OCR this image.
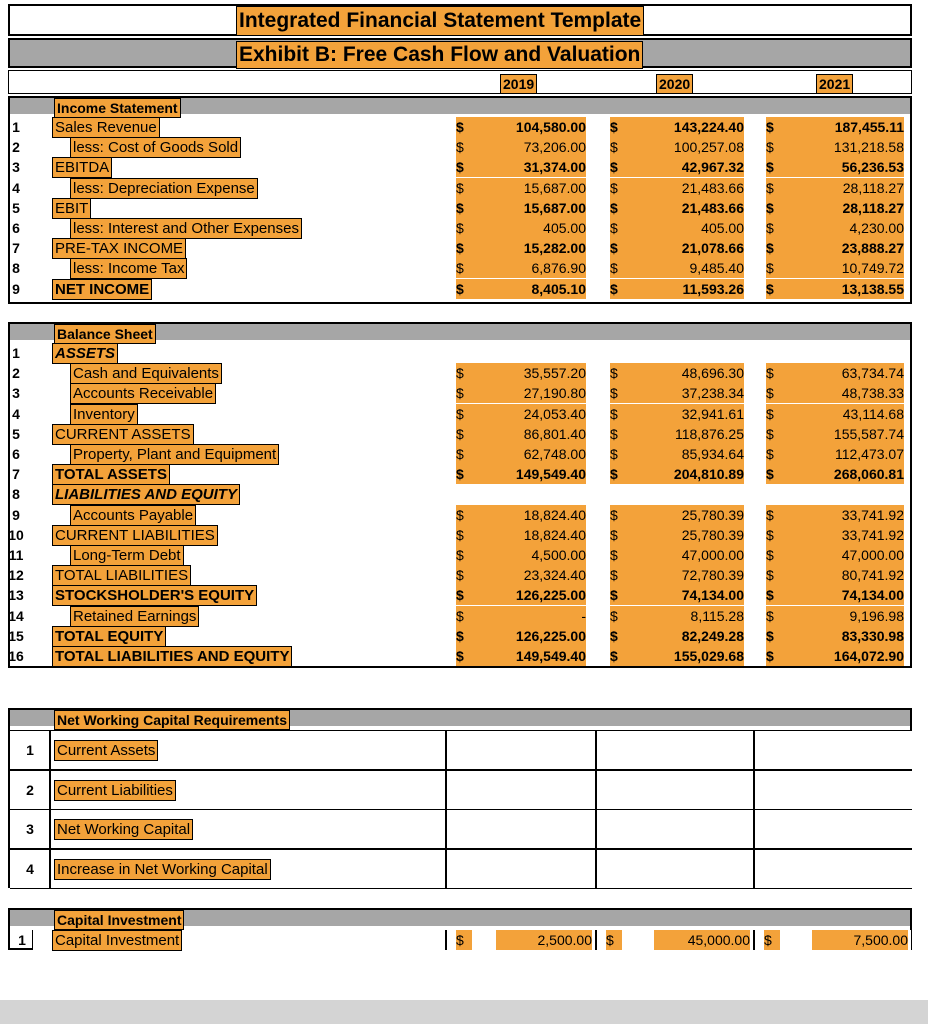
Integrated Financial Statement Template
Exhibit B: Free Cash Flow and Valuation
2019	2020	2021
Income Statement
1	Sales Revenue	$	104,580.00 $	143,224.40 $	187,455.11
2	less: Cost of Goods Sold	$	73,206.00 $	100,257.08 $	131,218.58
3	EBITDA	$	31,374.00 $	42,967.32 $	56,236.53
4	less: Depreciation Expense	$	15,687.00 $	21,483.66 $	28,118.27
5	EBIT	$	15,687.00 $	21,483.66 $	28,118.27
6	less: Interest and Other Expenses	$	405.00 $	405.00 $	4,230.00
7	PRE-TAX INCOME	$	15,282.00 $	21,078.66 $	23,888.27
8	less: Income Tax	$	6,876.90 $	9,485.40 $	10,749.72
9	NET INCOME	$	8,405.10 $	11,593.26 $	13,138.55
Balance Sheet
1	ASSETS
2	Cash and Equivalents	$	35,557.20 $	48,696.30 $	63,734.74
3	Accounts Receivable	$	27,190.80 $	37,238.34 $	48,738.33
4	Inventory	$	24,053.40 $	32,941.61 $	43,114.68
5	CURRENT ASSETS	$	86,801.40 $	118,876.25 $	155,587.74
6	Property, Plant and Equipment	$	62,748.00 $	85,934.64 $	112,473.07
7	TOTAL ASSETS	$	149,549.40 $	204,810.89 $	268,060.81
8	LIABILITIES AND EQUITY
9	Accounts Payable	$	18,824.40 $	25,780.39 $	33,741.92
10 CURRENT LIABILITIES	$	18,824.40 $	25,780.39 $	33,741.92
11	Long-Term Debt	$	4,500.00 $	47,000.00 $	47,000.00
12 TOTAL LIABILITIES	$	23,324.40 $	72,780.39 $	80,741.92
13 STOCKSHOLDER'S EQUITY	$	126,225.00 $	74,134.00 $	74,134.00
14	Retained Earnings	$	- $	8,115.28 $	9,196.98
15 TOTAL EQUITY	$	126,225.00 $	82,249.28 $	83,330.98
16 TOTAL LIABILITIES AND EQUITY	$	149,549.40 $	155,029.68 $	164,072.90
Net Working Capital Requirements
1	Current Assets
2	Current Liabilities
3	Net Working Capital
4	Increase in Net Working Capital
Capital Investment
1	Capital Investment	$	2,500.00 $	45,000.00 $	7,500.00
